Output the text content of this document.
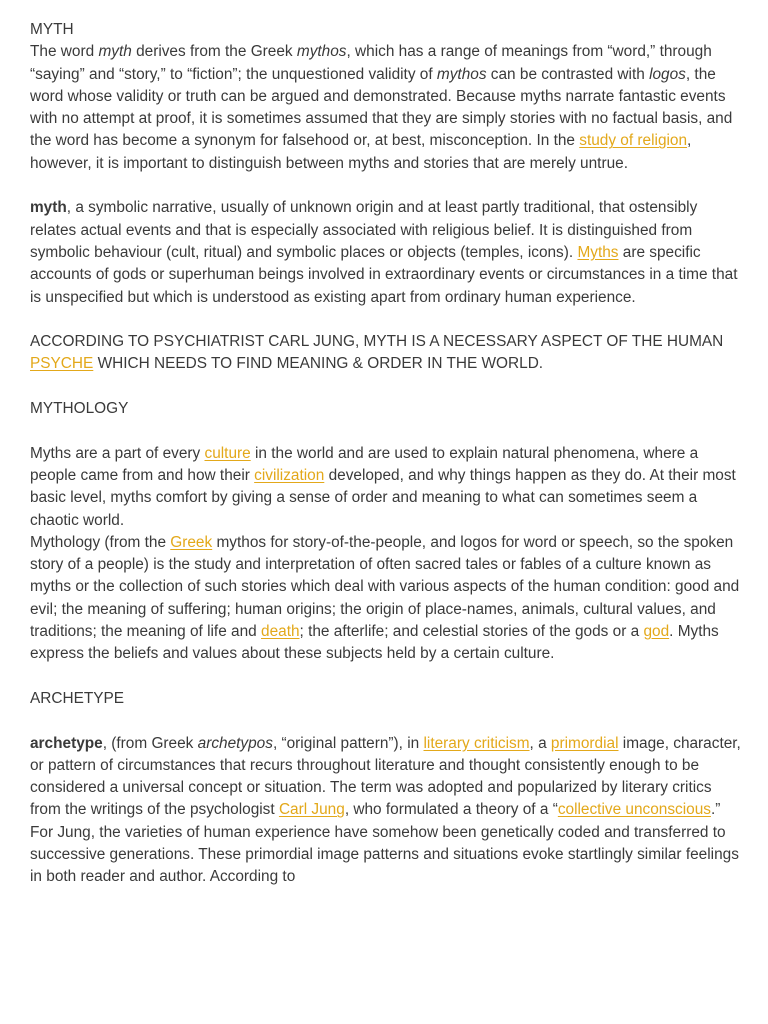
MYTH

The word myth derives from the Greek mythos, which has a range of meanings from “word,” through “saying” and “story,” to “fiction”; the unquestioned validity of mythos can be contrasted with logos, the word whose validity or truth can be argued and demonstrated. Because myths narrate fantastic events with no attempt at proof, it is sometimes assumed that they are simply stories with no factual basis, and the word has become a synonym for falsehood or, at best, misconception. In the study of religion, however, it is important to distinguish between myths and stories that are merely untrue.

myth, a symbolic narrative, usually of unknown origin and at least partly traditional, that ostensibly relates actual events and that is especially associated with religious belief. It is distinguished from symbolic behaviour (cult, ritual) and symbolic places or objects (temples, icons). Myths are specific accounts of gods or superhuman beings involved in extraordinary events or circumstances in a time that is unspecified but which is understood as existing apart from ordinary human experience.

ACCORDING TO PSYCHIATRIST CARL JUNG, MYTH IS A NECESSARY ASPECT OF THE HUMAN PSYCHE WHICH NEEDS TO FIND MEANING & ORDER IN THE WORLD.

MYTHOLOGY

Myths are a part of every culture in the world and are used to explain natural phenomena, where a people came from and how their civilization developed, and why things happen as they do. At their most basic level, myths comfort by giving a sense of order and meaning to what can sometimes seem a chaotic world.

Mythology (from the Greek mythos for story-of-the-people, and logos for word or speech, so the spoken story of a people) is the study and interpretation of often sacred tales or fables of a culture known as myths or the collection of such stories which deal with various aspects of the human condition: good and evil; the meaning of suffering; human origins; the origin of place-names, animals, cultural values, and traditions; the meaning of life and death; the afterlife; and celestial stories of the gods or a god. Myths express the beliefs and values about these subjects held by a certain culture.

ARCHETYPE

archetype, (from Greek archetypos, “original pattern”), in literary criticism, a primordial image, character, or pattern of circumstances that recurs throughout literature and thought consistently enough to be considered a universal concept or situation. The term was adopted and popularized by literary critics from the writings of the psychologist Carl Jung, who formulated a theory of a “collective unconscious.” For Jung, the varieties of human experience have somehow been genetically coded and transferred to successive generations. These primordial image patterns and situations evoke startlingly similar feelings in both reader and author. According to
